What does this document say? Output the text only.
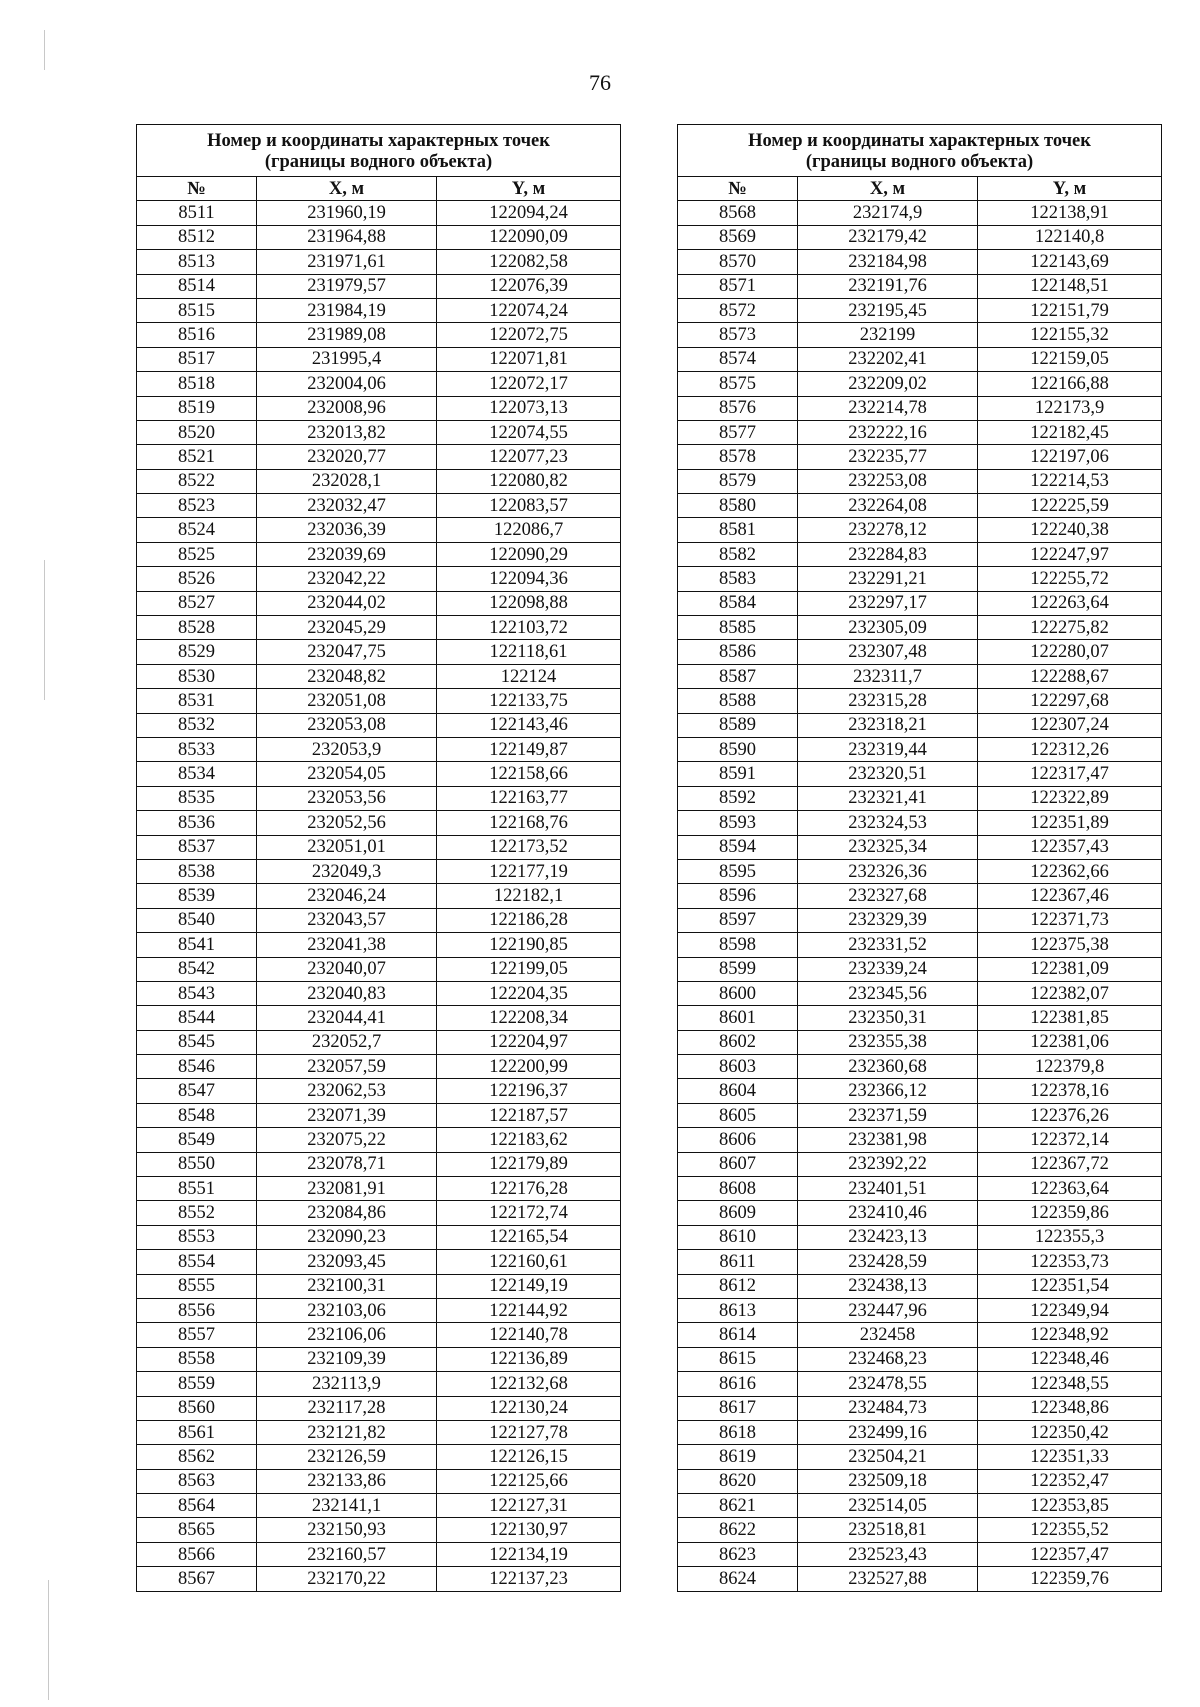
76
Номер и координаты характерных точек
(границы водного объекта)		
№	X, м	Y, м
8511	231960,19	122094,24
8512	231964,88	122090,09
8513	231971,61	122082,58
8514	231979,57	122076,39
8515	231984,19	122074,24
8516	231989,08	122072,75
8517	231995,4	122071,81
8518	232004,06	122072,17
8519	232008,96	122073,13
8520	232013,82	122074,55
8521	232020,77	122077,23
8522	232028,1	122080,82
8523	232032,47	122083,57
8524	232036,39	122086,7
8525	232039,69	122090,29
8526	232042,22	122094,36
8527	232044,02	122098,88
8528	232045,29	122103,72
8529	232047,75	122118,61
8530	232048,82	122124
8531	232051,08	122133,75
8532	232053,08	122143,46
8533	232053,9	122149,87
8534	232054,05	122158,66
8535	232053,56	122163,77
8536	232052,56	122168,76
8537	232051,01	122173,52
8538	232049,3	122177,19
8539	232046,24	122182,1
8540	232043,57	122186,28
8541	232041,38	122190,85
8542	232040,07	122199,05
8543	232040,83	122204,35
8544	232044,41	122208,34
8545	232052,7	122204,97
8546	232057,59	122200,99
8547	232062,53	122196,37
8548	232071,39	122187,57
8549	232075,22	122183,62
8550	232078,71	122179,89
8551	232081,91	122176,28
8552	232084,86	122172,74
8553	232090,23	122165,54
8554	232093,45	122160,61
8555	232100,31	122149,19
8556	232103,06	122144,92
8557	232106,06	122140,78
8558	232109,39	122136,89
8559	232113,9	122132,68
8560	232117,28	122130,24
8561	232121,82	122127,78
8562	232126,59	122126,15
8563	232133,86	122125,66
8564	232141,1	122127,31
8565	232150,93	122130,97
8566	232160,57	122134,19
8567	232170,22	122137,23
Номер и координаты характерных точек
(границы водного объекта)		
№	X, м	Y, м
8568	232174,9	122138,91
8569	232179,42	122140,8
8570	232184,98	122143,69
8571	232191,76	122148,51
8572	232195,45	122151,79
8573	232199	122155,32
8574	232202,41	122159,05
8575	232209,02	122166,88
8576	232214,78	122173,9
8577	232222,16	122182,45
8578	232235,77	122197,06
8579	232253,08	122214,53
8580	232264,08	122225,59
8581	232278,12	122240,38
8582	232284,83	122247,97
8583	232291,21	122255,72
8584	232297,17	122263,64
8585	232305,09	122275,82
8586	232307,48	122280,07
8587	232311,7	122288,67
8588	232315,28	122297,68
8589	232318,21	122307,24
8590	232319,44	122312,26
8591	232320,51	122317,47
8592	232321,41	122322,89
8593	232324,53	122351,89
8594	232325,34	122357,43
8595	232326,36	122362,66
8596	232327,68	122367,46
8597	232329,39	122371,73
8598	232331,52	122375,38
8599	232339,24	122381,09
8600	232345,56	122382,07
8601	232350,31	122381,85
8602	232355,38	122381,06
8603	232360,68	122379,8
8604	232366,12	122378,16
8605	232371,59	122376,26
8606	232381,98	122372,14
8607	232392,22	122367,72
8608	232401,51	122363,64
8609	232410,46	122359,86
8610	232423,13	122355,3
8611	232428,59	122353,73
8612	232438,13	122351,54
8613	232447,96	122349,94
8614	232458	122348,92
8615	232468,23	122348,46
8616	232478,55	122348,55
8617	232484,73	122348,86
8618	232499,16	122350,42
8619	232504,21	122351,33
8620	232509,18	122352,47
8621	232514,05	122353,85
8622	232518,81	122355,52
8623	232523,43	122357,47
8624	232527,88	122359,76
